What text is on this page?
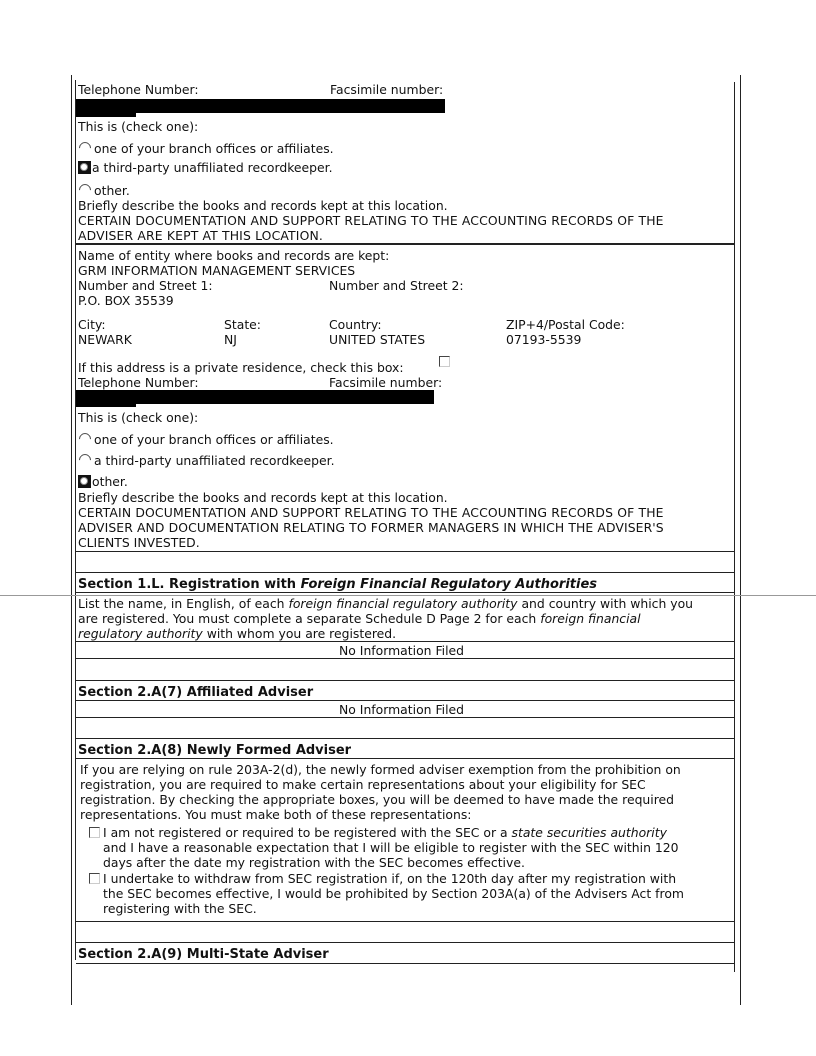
Telephone Number:	Facsimile number:
This is (check one):
one of your branch offices or affiliates.
a third-party unaffiliated recordkeeper.
other.
Briefly describe the books and records kept at this location.
CERTAIN DOCUMENTATION AND SUPPORT RELATING TO THE ACCOUNTING RECORDS OF THE
ADVISER ARE KEPT AT THIS LOCATION.
Name of entity where books and records are kept:
GRM INFORMATION MANAGEMENT SERVICES
Number and Street 1:	Number and Street 2:
P.O. BOX 35539
City:	State:	Country:	ZIP+4/Postal Code:
NEWARK	NJ	UNITED STATES	07193-5539
If this address is a private residence, check this box:
Telephone Number:	Facsimile number:
This is (check one):
one of your branch offices or affiliates.
a third-party unaffiliated recordkeeper.
other.
Briefly describe the books and records kept at this location.
CERTAIN DOCUMENTATION AND SUPPORT RELATING TO THE ACCOUNTING RECORDS OF THE
ADVISER AND DOCUMENTATION RELATING TO FORMER MANAGERS IN WHICH THE ADVISER'S
CLIENTS INVESTED.
Section 1.L. Registration with Foreign Financial Regulatory Authorities
List the name, in English, of each foreign financial regulatory authority and country with which you
are registered. You must complete a separate Schedule D Page 2 for each foreign financial
regulatory authority with whom you are registered.
No Information Filed
Section 2.A(7) Affiliated Adviser
No Information Filed
Section 2.A(8) Newly Formed Adviser
If you are relying on rule 203A-2(d), the newly formed adviser exemption from the prohibition on
registration, you are required to make certain representations about your eligibility for SEC
registration. By checking the appropriate boxes, you will be deemed to have made the required
representations. You must make both of these representations:
I am not registered or required to be registered with the SEC or a state securities authority
and I have a reasonable expectation that I will be eligible to register with the SEC within 120
days after the date my registration with the SEC becomes effective.
I undertake to withdraw from SEC registration if, on the 120th day after my registration with
the SEC becomes effective, I would be prohibited by Section 203A(a) of the Advisers Act from
registering with the SEC.
Section 2.A(9) Multi-State Adviser
